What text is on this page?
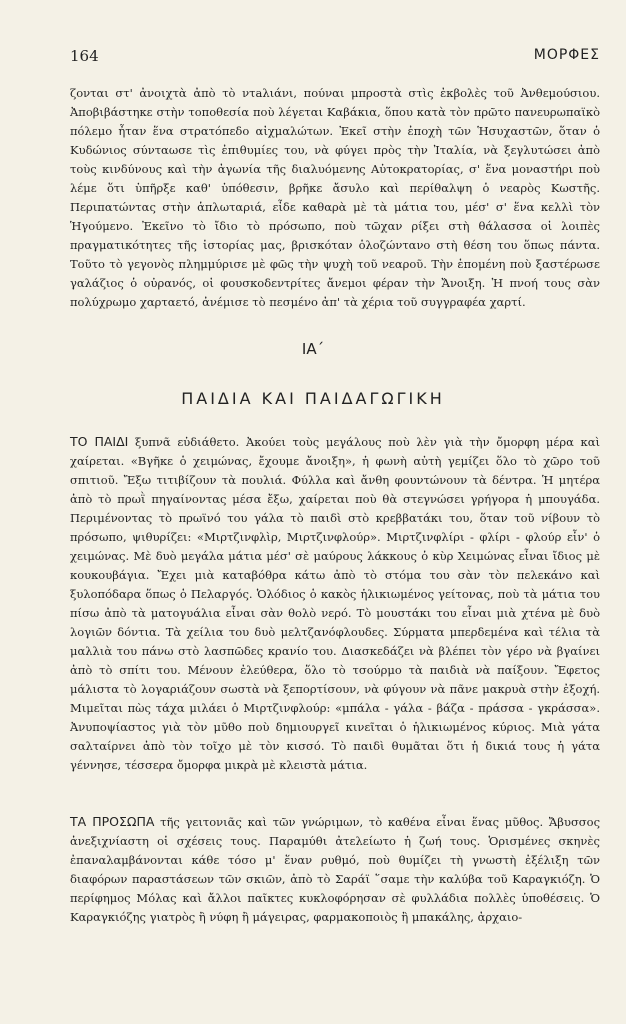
164	ΜΟΡΦΕΣ

ζονται στ' ἀνοιχτὰ ἀπὸ τὸ ντaλιάνι, πούναι μπροστὰ στὶς ἐκβολὲς τοῦ Ἀνθεμούσιου. Ἀποβιβάστηκε στὴν τοποθεσία ποὺ λέγεται Καβάκια, ὅπου κατὰ τὸν πρῶτο πανευρωπαϊκὸ πόλεμο ἦταν ἕνα στρατόπεδο αἰχμαλώτων. Ἐκεῖ στὴν ἐποχὴ τῶν Ἡσυχαστῶν, ὅταν ὁ Κυδώνιος σύνταωσε τὶς ἐπιθυμίες του, νὰ φύγει πρὸς τὴν Ἰταλία, νὰ ξεγλυτώσει ἀπὸ τοὺς κινδύνους καὶ τὴν ἀγωνία τῆς διαλυόμενης Αὐτοκρατορίας, σ' ἕνα μοναστήρι ποὺ λέμε ὅτι ὑπῆρξε καθ' ὑπόθεσιν, βρῆκε ἄσυλο καὶ περίθαλψη ὁ νεαρὸς Κωστῆς. Περιπατώντας στὴν ἁπλωταριά, εἶδε καθαρὰ μὲ τὰ μάτια του, μέσ' σ' ἕνα κελλὶ τὸν Ἡγούμενο. Ἐκεῖνο τὸ ἴδιο τὸ πρόσωπο, ποὺ τῶχαν ρίξει στὴ θάλασσα οἱ λοιπὲς πραγματικότητες τῆς ἱστορίας μας, βρισκόταν ὁλοζώντανο στὴ θέση του ὅπως πάντα. Τοῦτο τὸ γεγονὸς πλημμύρισε μὲ φῶς τὴν ψυχὴ τοῦ νεαροῦ. Τὴν ἑπομένη ποὺ ξαστέρωσε γαλάζιος ὁ οὐρανός, οἱ φουσκοδεντρίτες ἄνεμοι φέραν τὴν Ἄνοιξη. Ἡ πνοή τους σὰν πολύχρωμο χαρταετό, ἀνέμισε τὸ πεσμένο ἀπ' τὰ χέρια τοῦ συγγραφέα χαρτί.

ΙΑ΄
ΠΑΙΔΙΑ ΚΑΙ ΠΑΙΔΑΓΩΓΙΚΗ

ΤΟ ΠΑΙΔΙ ξυπνᾶ εὐδιάθετο. Ἀκούει τοὺς μεγάλους ποὺ λὲν γιὰ τὴν ὄμορφη μέρα καὶ χαίρεται. «Βγῆκε ὁ χειμώνας, ἔχουμε ἄνοιξη», ἡ φωνὴ αὐτὴ γεμίζει ὅλο τὸ χῶρο τοῦ σπιτιοῦ. Ἔξω τιτιβίζουν τὰ πουλιά. Φύλλα καὶ ἄνθη φουντώνουν τὰ δέντρα. Ἡ μητέρα ἀπὸ τὸ πρωῒ πηγαίνοντας μέσα ἔξω, χαίρεται ποὺ θὰ στεγνώσει γρήγορα ἡ μπουγάδα. Περιμένοντας τὸ πρωϊνό του γάλα τὸ παιδὶ στὸ κρεββατάκι του, ὅταν τοῦ νίβουν τὸ πρόσωπο, ψιθυρίζει: «Μιρτζινφλὶρ, Μιρτζινφλούρ». Μιρτζινφλίρι - φλίρι - φλούρ εἶν' ὁ χειμώνας. Μὲ δυὸ μεγάλα μάτια μέσ' σὲ μαύρους λάκκους ὁ κὺρ Χειμώνας εἶναι ἴδιος μὲ κουκουβάγια. Ἔχει μιὰ καταβόθρα κάτω ἀπὸ τὸ στόμα του σὰν τὸν πελεκάνο καὶ ξυλοπόδαρα ὅπως ὁ Πελαργός. Ὁλόδιος ὁ κακὸς ἡλικιωμένος γείτονας, ποὺ τὰ μάτια του πίσω ἀπὸ τὰ ματογυάλια εἶναι σὰν θολὸ νερό. Τὸ μουστάκι του εἶναι μιὰ χτένα μὲ δυὸ λογιῶν δόντια. Τὰ χείλια του δυὸ μελτζανόφλουδες. Σύρματα μπερδεμένα καὶ τέλια τὰ μαλλιὰ του πάνω στὸ λασπῶδες κρανίο του. Διασκεδάζει νὰ βλέπει τὸν γέρο νὰ βγαίνει ἀπὸ τὸ σπίτι του. Μένουν ἐλεύθερα, ὅλο τὸ τσούρμο τὰ παιδιὰ νὰ παίξουν. Ἔφετος μάλιστα τὸ λογαριάζουν σωστὰ νὰ ξεπορτίσουν, νὰ φύγουν νὰ πᾶνε μακρυὰ στὴν ἐξοχή. Μιμεῖται πὼς τάχα μιλάει ὁ Μιρτζινφλούρ: «μπάλα - γάλα - βάζα - πράσσα - γκράσσα». Ἀνυποψίαστος γιὰ τὸν μῦθο ποὺ δημιουργεῖ κινεῖται ὁ ἡλικιωμένος κύριος. Μιὰ γάτα σαλταίρνει ἀπὸ τὸν τοῖχο μὲ τὸν κισσό. Τὸ παιδὶ θυμᾶται ὅτι ἡ δικιά τους ἡ γάτα γέννησε, τέσσερα ὄμορφα μικρὰ μὲ κλειστὰ μάτια.

ΤΑ ΠΡΟΣΩΠΑ τῆς γειτονιᾶς καὶ τῶν γνώριμων, τὸ καθένα εἶναι ἕνας μῦθος. Ἄβυσσος ἀνεξιχνίαστη οἱ σχέσεις τους. Παραμύθι ἀτελείωτο ἡ ζωή τους. Ὁρισμένες σκηνὲς ἐπαναλαμβάνονται κάθε τόσο μ' ἕναν ρυθμό, ποὺ θυμίζει τὴ γνωστὴ ἐξέλιξη τῶν διαφόρων παραστάσεων τῶν σκιῶν, ἀπὸ τὸ Σαράϊ ῞σαμε τὴν καλύβα τοῦ Καραγκιόζη. Ὁ περίφημος Μόλας καὶ ἄλλοι παῖκτες κυκλοφόρησαν σὲ φυλλάδια πολλὲς ὑποθέσεις. Ὁ Καραγκιόζης γιατρὸς ἢ νύφη ἢ μάγειρας, φαρμακοποιὸς ἢ μπακάλης, ἀρχαιο-
